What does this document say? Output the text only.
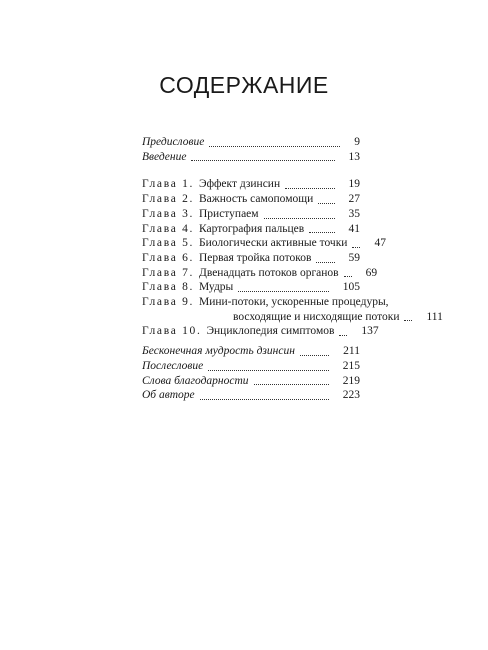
СОДЕРЖАНИЕ
Предисловие	9
Введение	13
Глава 1. Эффект дзинсин	19
Глава 2. Важность самопомощи	27
Глава 3. Приступаем	35
Глава 4. Картография пальцев	41
Глава 5. Биологически активные точки 47
Глава 6. Первая тройка потоков	59
Глава 7. Двенадцать потоков органов 69
Глава 8. Мудры	105
Глава 9. Мини-потоки, ускоренные процедуры,
восходящие и нисходящие потоки 111
Глава 10. Энциклопедия симптомов 137
Бесконечная мудрость дзинсин	211
Послесловие	215
Слова благодарности	219
Об авторе	223
